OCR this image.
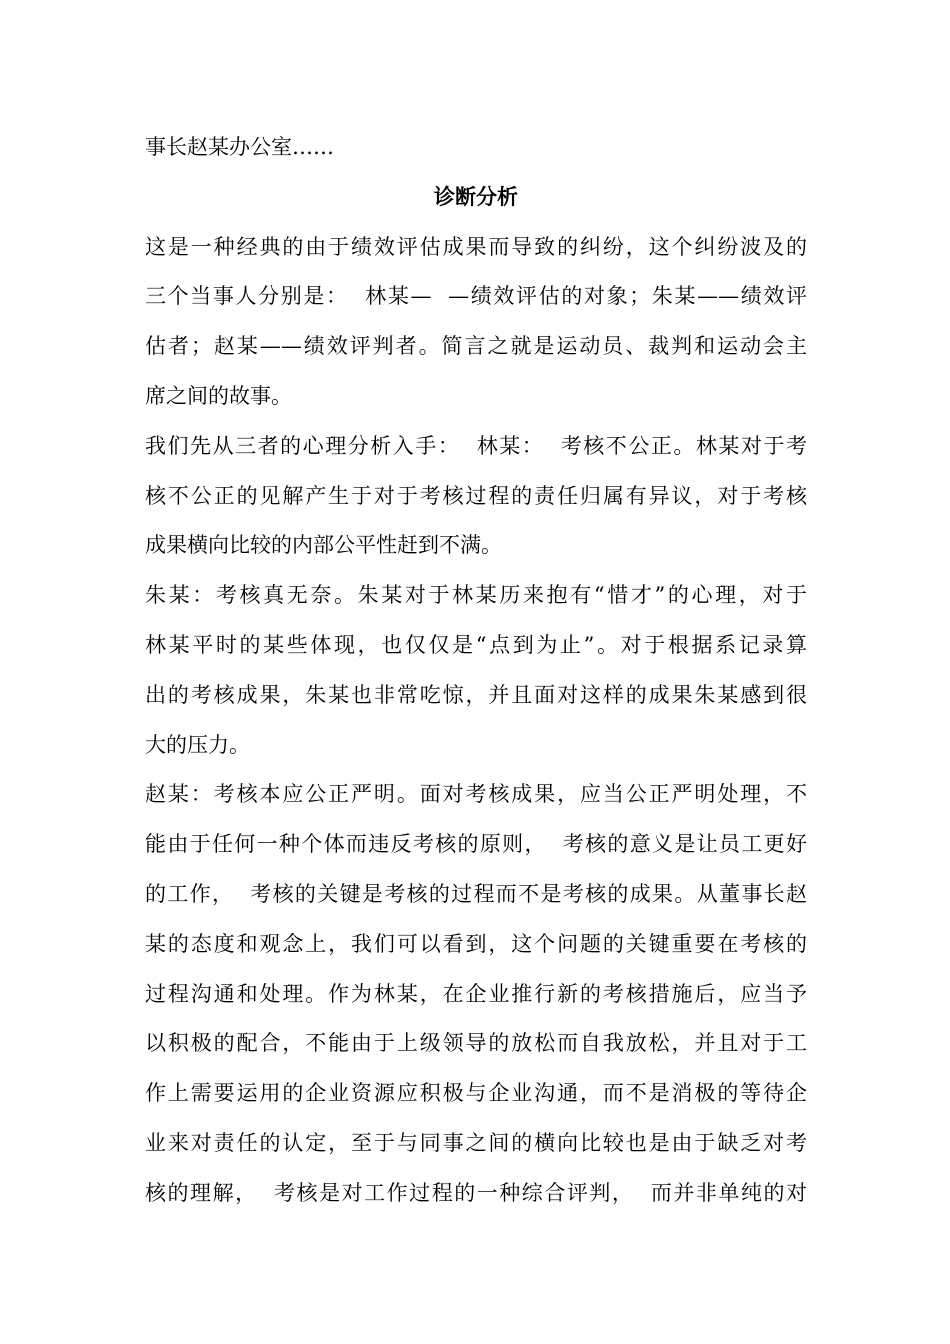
事长赵某办公室……
诊断分析
这是一种经典的由于绩效评估成果而导致的纠纷，这个纠纷波及的
三个当事人分别是：  林某—  —绩效评估的对象；朱某——绩效评
估者；赵某——绩效评判者。简言之就是运动员、裁判和运动会主
席之间的故事。
我们先从三者的心理分析入手：  林某：  考核不公正。林某对于考
核不公正的见解产生于对于考核过程的责任归属有异议，对于考核
成果横向比较的内部公平性赶到不满。
朱某：考核真无奈。朱某对于林某历来抱有“惜才”的心理，对于
林某平时的某些体现，也仅仅是“点到为止”。对于根据系记录算
出的考核成果，朱某也非常吃惊，并且面对这样的成果朱某感到很
大的压力。
赵某：考核本应公正严明。面对考核成果，应当公正严明处理，不
能由于任何一种个体而违反考核的原则，  考核的意义是让员工更好
的工作，  考核的关键是考核的过程而不是考核的成果。从董事长赵
某的态度和观念上，我们可以看到，这个问题的关键重要在考核的
过程沟通和处理。作为林某，在企业推行新的考核措施后，应当予
以积极的配合，不能由于上级领导的放松而自我放松，并且对于工
作上需要运用的企业资源应积极与企业沟通，而不是消极的等待企
业来对责任的认定，至于与同事之间的横向比较也是由于缺乏对考
核的理解，  考核是对工作过程的一种综合评判，  而并非单纯的对
